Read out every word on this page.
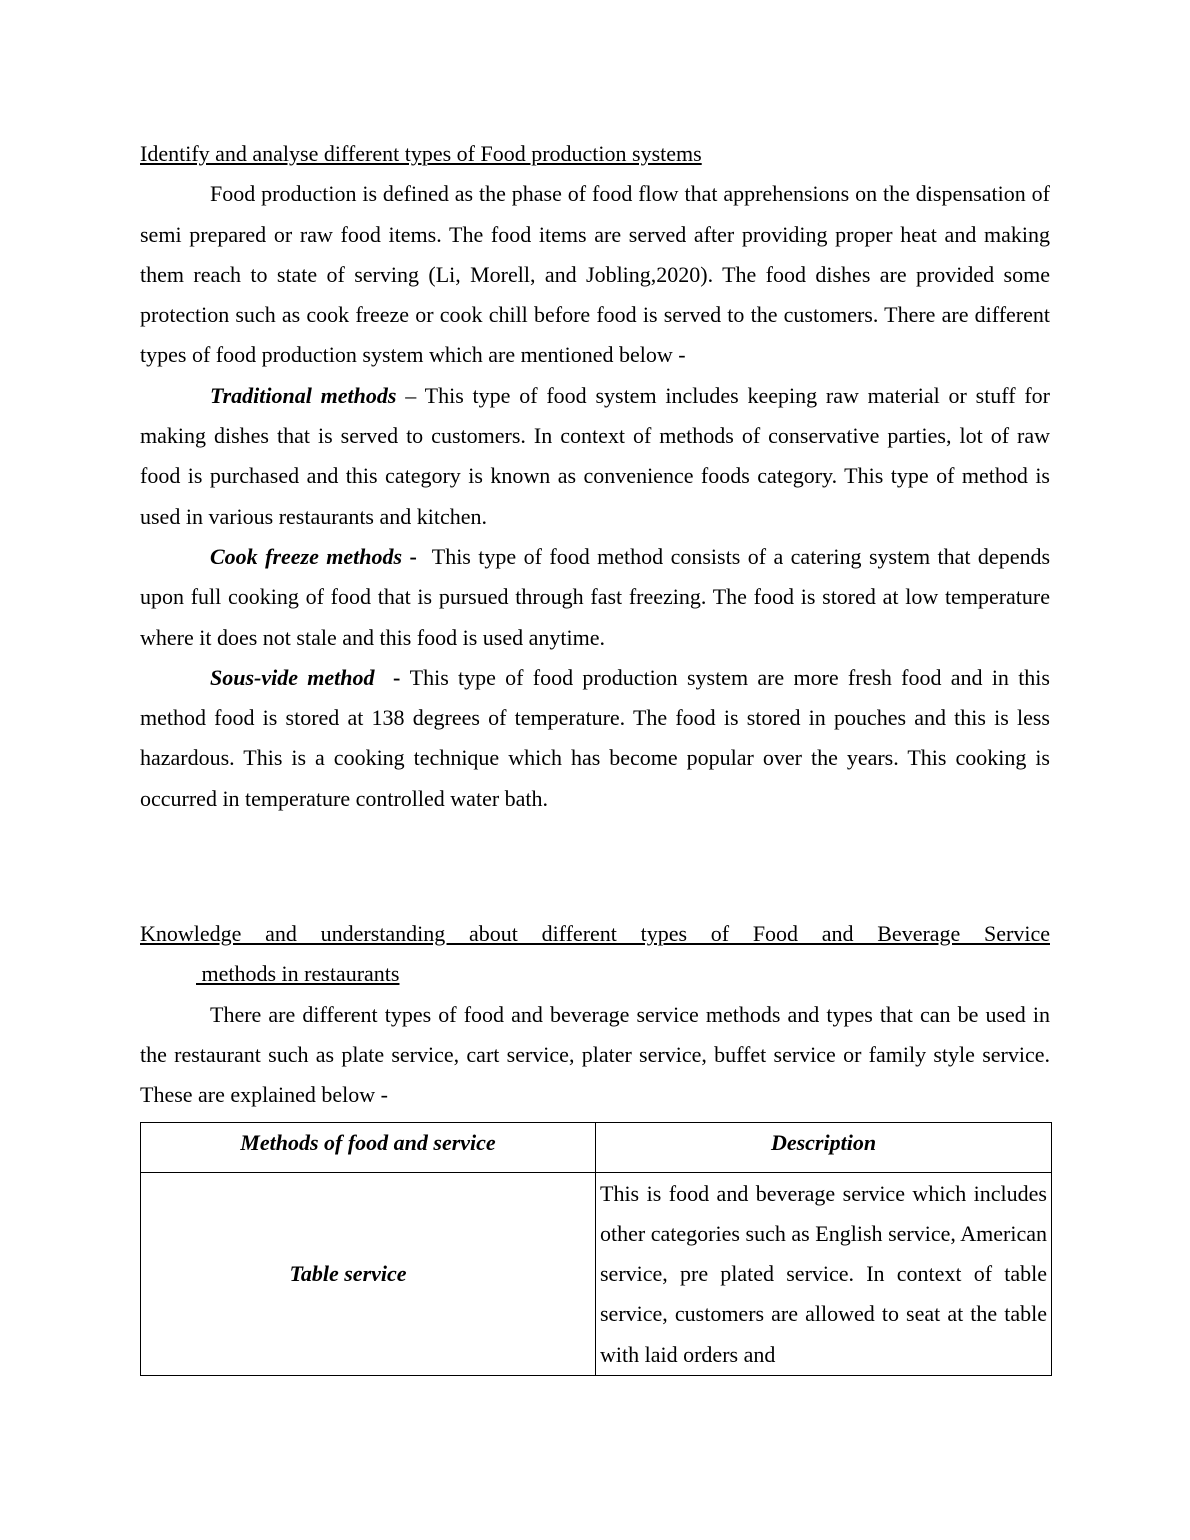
Identify and analyse different types of Food production systems

Food production is defined as the phase of food flow that apprehensions on the dispensation of semi prepared or raw food items. The food items are served after providing proper heat and making them reach to state of serving (Li, Morell, and Jobling,2020). The food dishes are provided some protection such as cook freeze or cook chill before food is served to the customers. There are different types of food production system which are mentioned below -

Traditional methods – This type of food system includes keeping raw material or stuff for making dishes that is served to customers. In context of methods of conservative parties, lot of raw food is purchased and this category is known as convenience foods category. This type of method is used in various restaurants and kitchen.

Cook freeze methods -  This type of food method consists of a catering system that depends upon full cooking of food that is pursued through fast freezing. The food is stored at low temperature where it does not stale and this food is used anytime.

Sous-vide method  - This type of food production system are more fresh food and in this method food is stored at 138 degrees of temperature. The food is stored in pouches and this is less hazardous. This is a cooking technique which has become popular over the years. This cooking is occurred in temperature controlled water bath.

Knowledge and understanding about different types of Food and Beverage Service
methods in restaurants

There are different types of food and beverage service methods and types that can be used in the restaurant such as plate service, cart service, plater service, buffet service or family style service. These are explained below -

Methods of food and service	Description
Table service	This is food and beverage service which includes other categories such as English service, American service, pre plated service. In context of table service, customers are allowed to seat at the table with laid orders and
